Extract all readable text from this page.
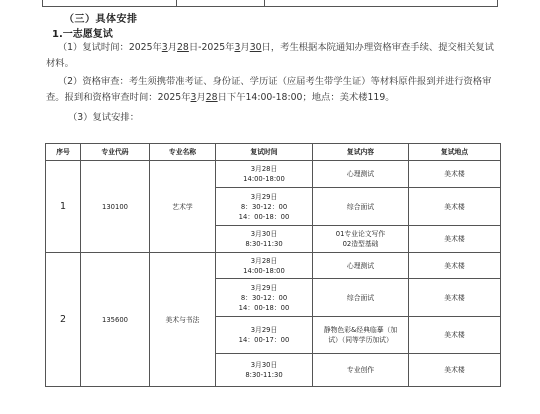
（三）具体安排
1.一志愿复试
（1）复试时间：2025年3月28日-2025年3月30日，考生根据本院通知办理资格审查手续、提交相关复试材料。
（2）资格审查：考生须携带准考证、身份证、学历证（应届考生带学生证）等材料原件报到并进行资格审查。报到和资格审查时间：2025年3月28日下午14:00-18:00；地点：美术楼119。
（3）复试安排：
序号	专业代码	专业名称	复试时间	复试内容	复试地点
1	130100	艺术学	3月28日
14:00-18:00	心理测试	美术楼

			3月29日
8：30-12：00
14：00-18：00	综合面试	美术楼

			3月30日
8:30-11:30	01专业论文写作
02造型基础	美术楼
2	135600	美术与书法	3月28日
14:00-18:00	心理测试	美术楼

			3月29日
8：30-12：00
14：00-18：00	综合面试	美术楼

			3月29日
14：00-17：00	静物色彩&经典临摹（加
试）（同等学历加试）	美术楼

			3月30日
8:30-11:30	专业创作	美术楼
